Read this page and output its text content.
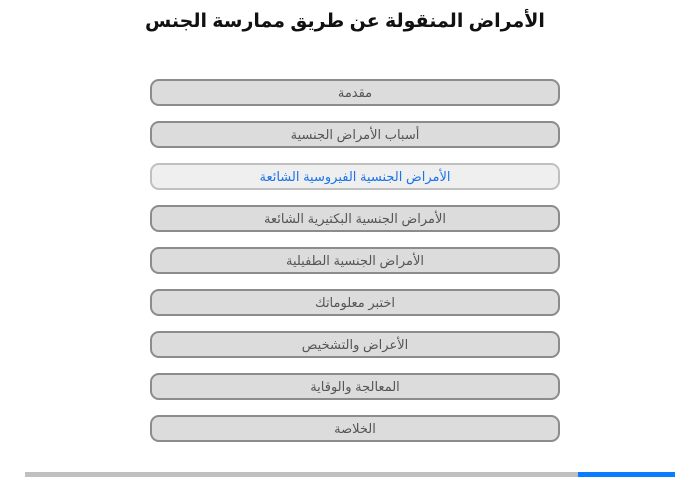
الأمراض المنقولة عن طريق ممارسة الجنس
مقدمة
أسباب الأمراض الجنسية
الأمراض الجنسية الفيروسية الشائعة
الأمراض الجنسية البكتيرية الشائعة
الأمراض الجنسية الطفيلية
اختبر معلوماتك
الأعراض والتشخيص
المعالجة والوقاية
الخلاصة
